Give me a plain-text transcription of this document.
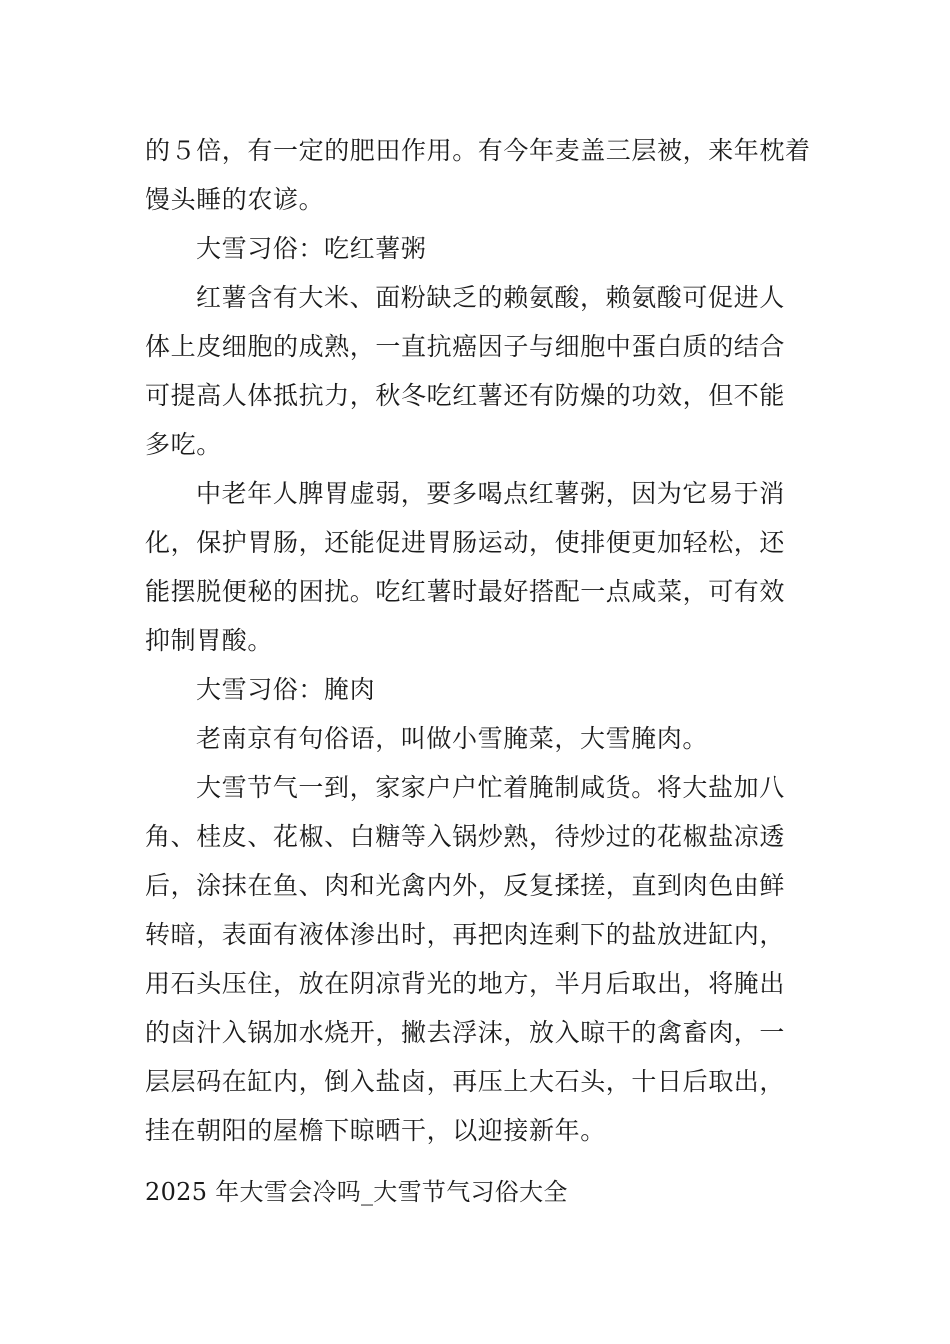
的５倍，有一定的肥田作用。有今年麦盖三层被，来年枕着
馒头睡的农谚。
大雪习俗：吃红薯粥
红薯含有大米、面粉缺乏的赖氨酸，赖氨酸可促进人
体上皮细胞的成熟，一直抗癌因子与细胞中蛋白质的结合
可提高人体抵抗力，秋冬吃红薯还有防燥的功效，但不能
多吃。
中老年人脾胃虚弱，要多喝点红薯粥，因为它易于消
化，保护胃肠，还能促进胃肠运动，使排便更加轻松，还
能摆脱便秘的困扰。吃红薯时最好搭配一点咸菜，可有效
抑制胃酸。
大雪习俗：腌肉
老南京有句俗语，叫做小雪腌菜，大雪腌肉。
大雪节气一到，家家户户忙着腌制咸货。将大盐加八
角、桂皮、花椒、白糖等入锅炒熟，待炒过的花椒盐凉透
后，涂抹在鱼、肉和光禽内外，反复揉搓，直到肉色由鲜
转暗，表面有液体渗出时，再把肉连剩下的盐放进缸内，
用石头压住，放在阴凉背光的地方，半月后取出，将腌出
的卤汁入锅加水烧开，撇去浮沫，放入晾干的禽畜肉，一
层层码在缸内，倒入盐卤，再压上大石头，十日后取出，
挂在朝阳的屋檐下晾晒干，以迎接新年。
2025 年大雪会冷吗_大雪节气习俗大全
